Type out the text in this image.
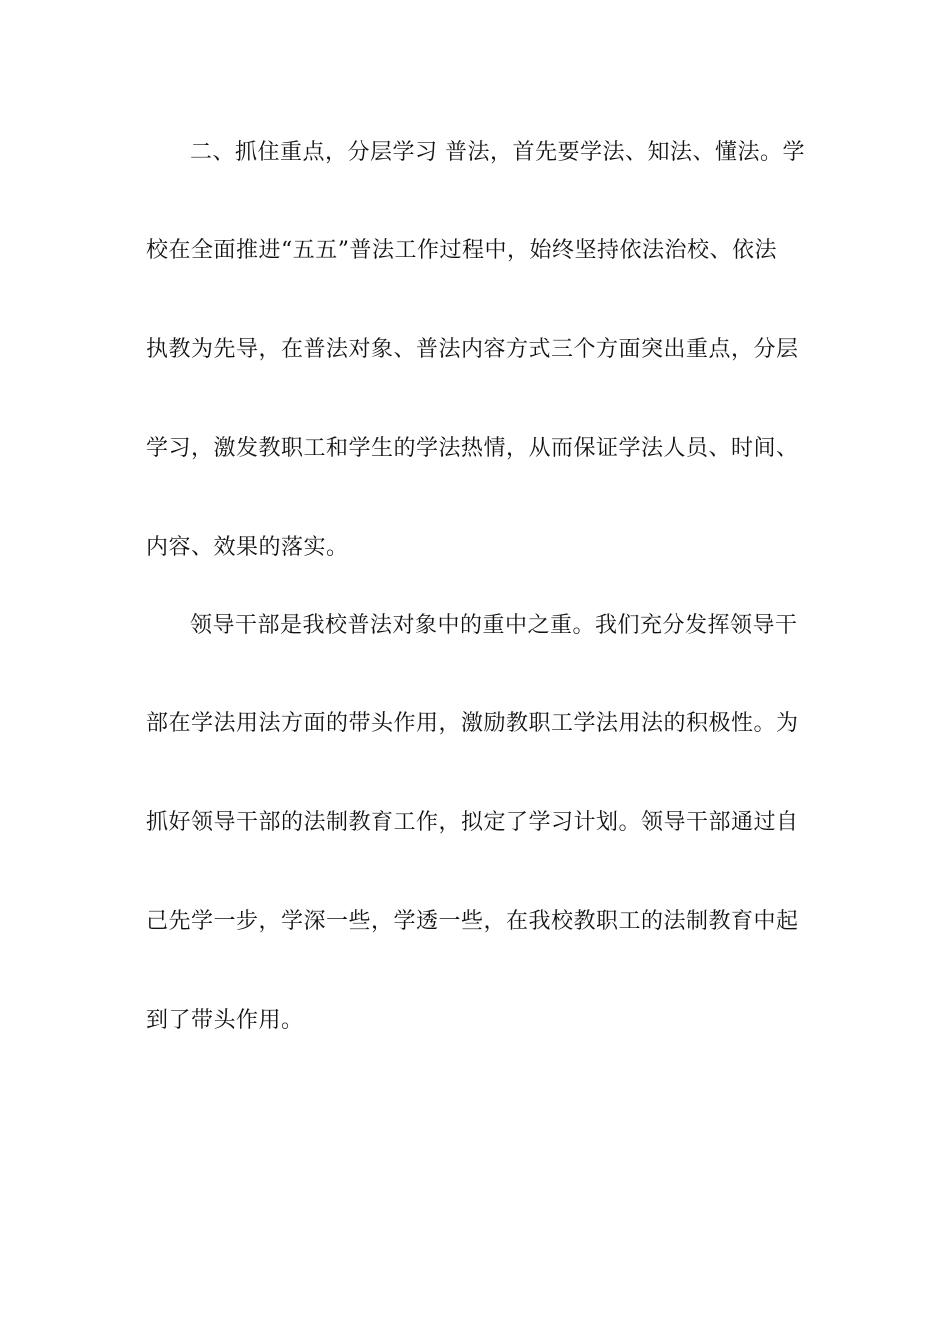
二、抓住重点，分层学习 普法，首先要学法、知法、懂法。学
校在全面推进“五五”普法工作过程中，始终坚持依法治校、依法
执教为先导，在普法对象、普法内容方式三个方面突出重点，分层
学习，激发教职工和学生的学法热情，从而保证学法人员、时间、
内容、效果的落实。
领导干部是我校普法对象中的重中之重。我们充分发挥领导干
部在学法用法方面的带头作用，激励教职工学法用法的积极性。为
抓好领导干部的法制教育工作，拟定了学习计划。领导干部通过自
己先学一步，学深一些，学透一些，在我校教职工的法制教育中起
到了带头作用。
